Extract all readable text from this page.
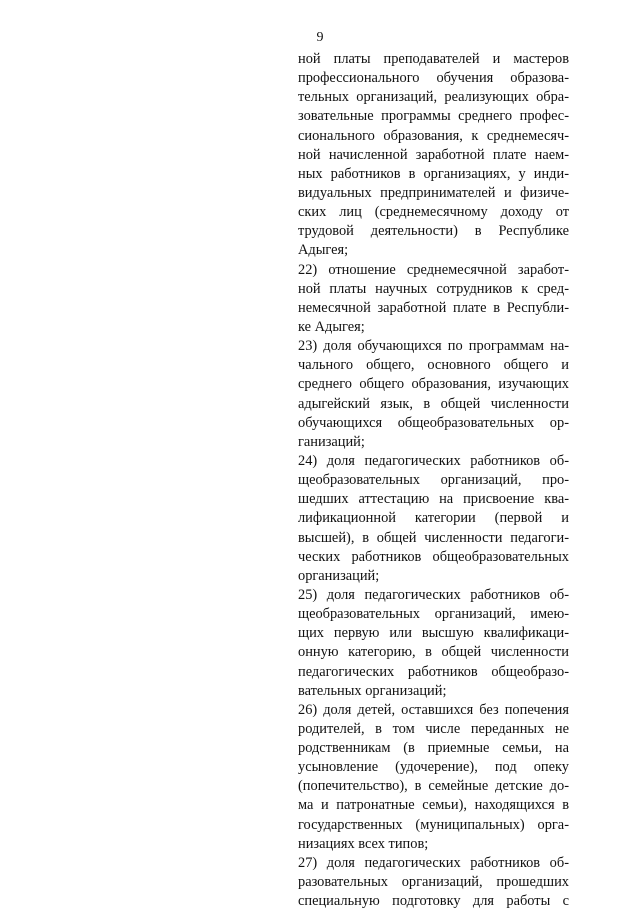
9
ной платы преподавателей и мастеров
профессионального обучения образова-
тельных организаций, реализующих обра-
зовательные программы среднего профес-
сионального образования, к среднемесяч-
ной начисленной заработной плате наем-
ных работников в организациях, у инди-
видуальных предпринимателей и физиче-
ских лиц (среднемесячному доходу от
трудовой деятельности) в Республике
Адыгея;
22) отношение среднемесячной заработ-
ной платы научных сотрудников к сред-
немесячной заработной плате в Республи-
ке Адыгея;
23) доля обучающихся по программам на-
чального общего, основного общего и
среднего общего образования, изучающих
адыгейский язык, в общей численности
обучающихся общеобразовательных ор-
ганизаций;
24) доля педагогических работников об-
щеобразовательных организаций, про-
шедших аттестацию на присвоение ква-
лификационной категории (первой и
высшей), в общей численности педагоги-
ческих работников общеобразовательных
организаций;
25) доля педагогических работников об-
щеобразовательных организаций, имею-
щих первую или высшую квалификаци-
онную категорию, в общей численности
педагогических работников общеобразо-
вательных организаций;
26) доля детей, оставшихся без попечения
родителей, в том числе переданных не
родственникам (в приемные семьи, на
усыновление (удочерение), под опеку
(попечительство), в семейные детские до-
ма и патронатные семьи), находящихся в
государственных (муниципальных) орга-
низациях всех типов;
27) доля педагогических работников об-
разовательных организаций, прошедших
специальную подготовку для работы с
